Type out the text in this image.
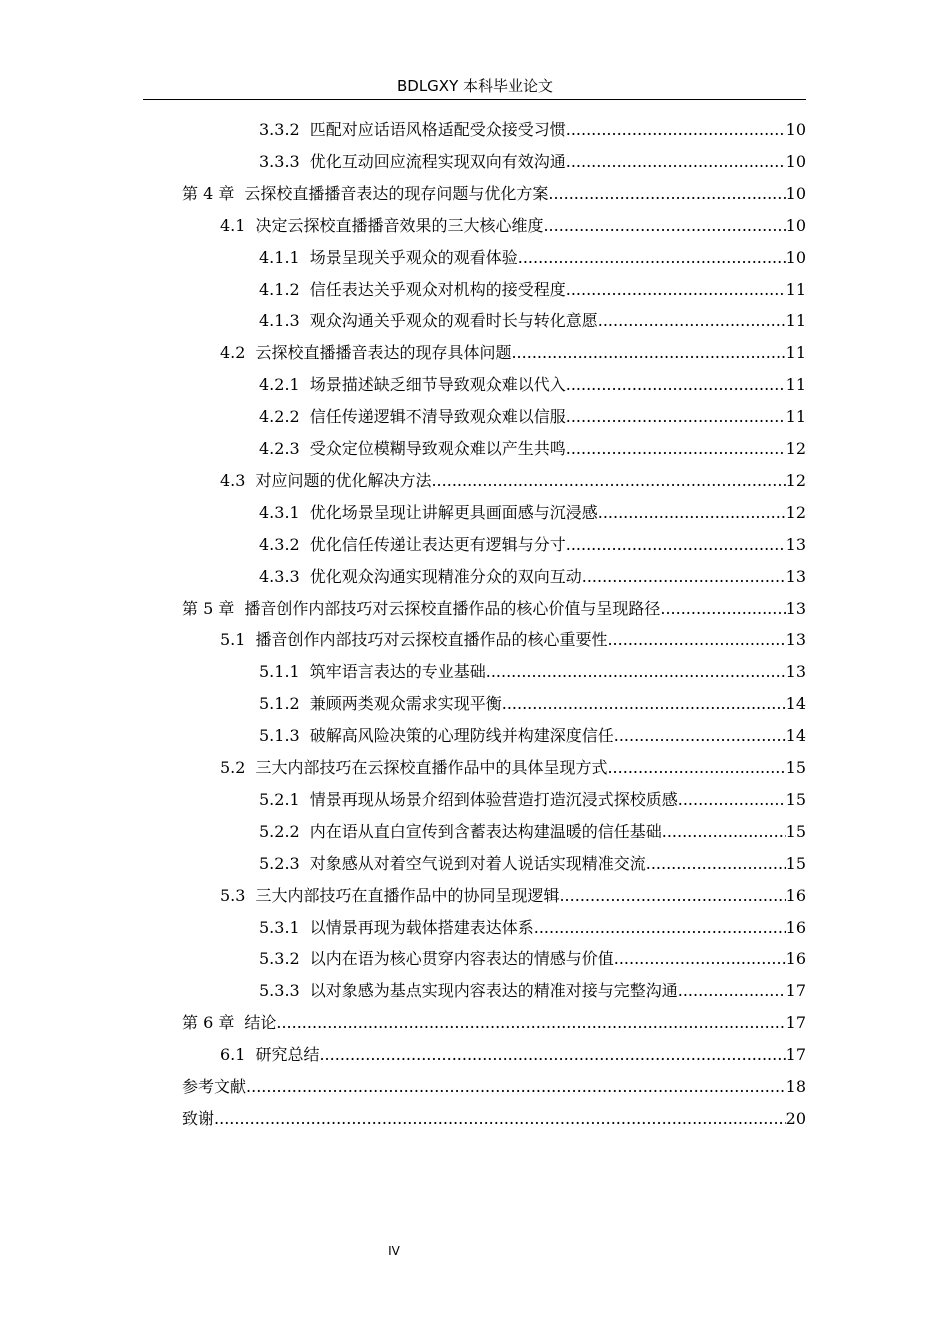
BDLGXY 本科毕业论文
3.3.2 匹配对应话语风格适配受众接受习惯 .....	10
3.3.3 优化互动回应流程实现双向有效沟通 .....	10
第 4 章 云探校直播播音表达的现存问题与优化方案 .....	10
4.1 决定云探校直播播音效果的三大核心维度 .....	10
4.1.1 场景呈现关乎观众的观看体验 .....	10
4.1.2 信任表达关乎观众对机构的接受程度 .....	11
4.1.3 观众沟通关乎观众的观看时长与转化意愿 .....	11
4.2 云探校直播播音表达的现存具体问题 .....	11
4.2.1 场景描述缺乏细节导致观众难以代入 .....	11
4.2.2 信任传递逻辑不清导致观众难以信服 .....	11
4.2.3 受众定位模糊导致观众难以产生共鸣 .....	12
4.3 对应问题的优化解决方法 .....	12
4.3.1 优化场景呈现让讲解更具画面感与沉浸感 .....	12
4.3.2 优化信任传递让表达更有逻辑与分寸 .....	13
4.3.3 优化观众沟通实现精准分众的双向互动 .....	13
第 5 章 播音创作内部技巧对云探校直播作品的核心价值与呈现路径 .....	13
5.1 播音创作内部技巧对云探校直播作品的核心重要性 .....	13
5.1.1 筑牢语言表达的专业基础 .....	13
5.1.2 兼顾两类观众需求实现平衡 .....	14
5.1.3 破解高风险决策的心理防线并构建深度信任 .....	14
5.2 三大内部技巧在云探校直播作品中的具体呈现方式 .....	15
5.2.1 情景再现从场景介绍到体验营造打造沉浸式探校质感 .....	15
5.2.2 内在语从直白宣传到含蓄表达构建温暖的信任基础 .....	15
5.2.3 对象感从对着空气说到对着人说话实现精准交流 .....	15
5.3 三大内部技巧在直播作品中的协同呈现逻辑 .....	16
5.3.1 以情景再现为载体搭建表达体系 .....	16
5.3.2 以内在语为核心贯穿内容表达的情感与价值 .....	16
5.3.3 以对象感为基点实现内容表达的精准对接与完整沟通 .....	17
第 6 章 结论 .....	17
6.1 研究总结 .....	17
参考文献 .....	18
致谢 .....	20
IV
